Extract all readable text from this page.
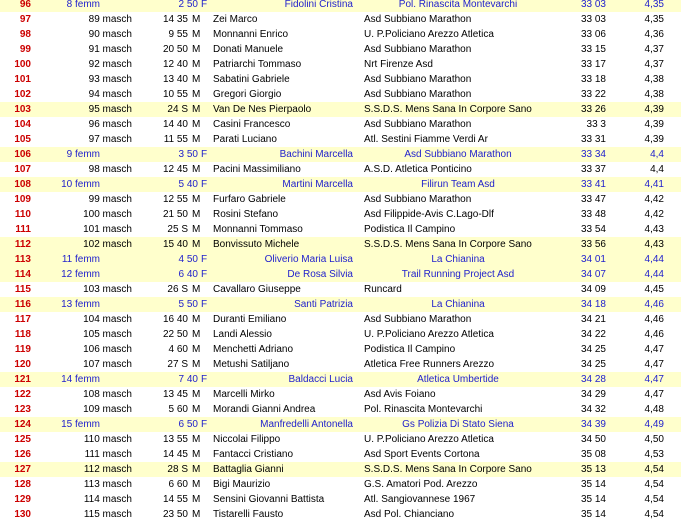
96	8 femm	2 50 F	Fidolini Cristina	Pol. Rinascita Montevarchi	33 03	4,35
97	89 masch	14 35 M	Zei Marco	Asd Subbiano Marathon	33 03	4,35
98	90 masch	9 55 M	Monnanni Enrico	U. P.Policiano Arezzo Atletica	33 06	4,36
99	91 masch	20 50 M	Donati Manuele	Asd Subbiano Marathon	33 15	4,37
100	92 masch	12 40 M	Patriarchi Tommaso	Nrt Firenze Asd	33 17	4,37
101	93 masch	13 40 M	Sabatini Gabriele	Asd Subbiano Marathon	33 18	4,38
102	94 masch	10 55 M	Gregori Giorgio	Asd Subbiano Marathon	33 22	4,38
103	95 masch	24 S M	Van De Nes Pierpaolo	S.S.D.S. Mens Sana In Corpore Sano	33 26	4,39
104	96 masch	14 40 M	Casini Francesco	Asd Subbiano Marathon	33 3	4,39
105	97 masch	11 55 M	Parati Luciano	Atl. Sestini Fiamme Verdi Ar	33 31	4,39
106	9 femm	3 50 F	Bachini Marcella	Asd Subbiano Marathon	33 34	4,4
107	98 masch	12 45 M	Pacini Massimiliano	A.S.D. Atletica Ponticino	33 37	4,4
108	10 femm	5 40 F	Martini Marcella	Filirun Team Asd	33 41	4,41
109	99 masch	12 55 M	Furfaro Gabriele	Asd Subbiano Marathon	33 47	4,42
110	100 masch	21 50 M	Rosini Stefano	Asd Filippide-Avis C.Lago-Dlf	33 48	4,42
111	101 masch	25 S M	Monnanni Tommaso	Podistica Il Campino	33 54	4,43
112	102 masch	15 40 M	Bonvissuto Michele	S.S.D.S. Mens Sana In Corpore Sano	33 56	4,43
113	11 femm	4 50 F	Oliverio Maria Luisa	La Chianina	34 01	4,44
114	12 femm	6 40 F	De Rosa Silvia	Trail Running Project Asd	34 07	4,44
115	103 masch	26 S M	Cavallaro Giuseppe	Runcard	34 09	4,45
116	13 femm	5 50 F	Santi Patrizia	La Chianina	34 18	4,46
117	104 masch	16 40 M	Duranti Emiliano	Asd Subbiano Marathon	34 21	4,46
118	105 masch	22 50 M	Landi Alessio	U. P.Policiano Arezzo Atletica	34 22	4,46
119	106 masch	4 60 M	Menchetti Adriano	Podistica Il Campino	34 25	4,47
120	107 masch	27 S M	Metushi Satiljano	Atletica Free Runners Arezzo	34 25	4,47
121	14 femm	7 40 F	Baldacci Lucia	Atletica Umbertide	34 28	4,47
122	108 masch	13 45 M	Marcelli Mirko	Asd Avis Foiano	34 29	4,47
123	109 masch	5 60 M	Morandi Gianni Andrea	Pol. Rinascita Montevarchi	34 32	4,48
124	15 femm	6 50 F	Manfredelli Antonella	Gs Polizia Di Stato Siena	34 39	4,49
125	110 masch	13 55 M	Niccolai Filippo	U. P.Policiano Arezzo Atletica	34 50	4,50
126	111 masch	14 45 M	Fantacci Cristiano	Asd Sport Events Cortona	35 08	4,53
127	112 masch	28 S M	Battaglia Gianni	S.S.D.S. Mens Sana In Corpore Sano	35 13	4,54
128	113 masch	6 60 M	Bigi Maurizio	G.S. Amatori Pod. Arezzo	35 14	4,54
129	114 masch	14 55 M	Sensini Giovanni Battista	Atl. Sangiovannese 1967	35 14	4,54
130	115 masch	23 50 M	Tistarelli Fausto	Asd Pol. Chianciano	35 14	4,54
